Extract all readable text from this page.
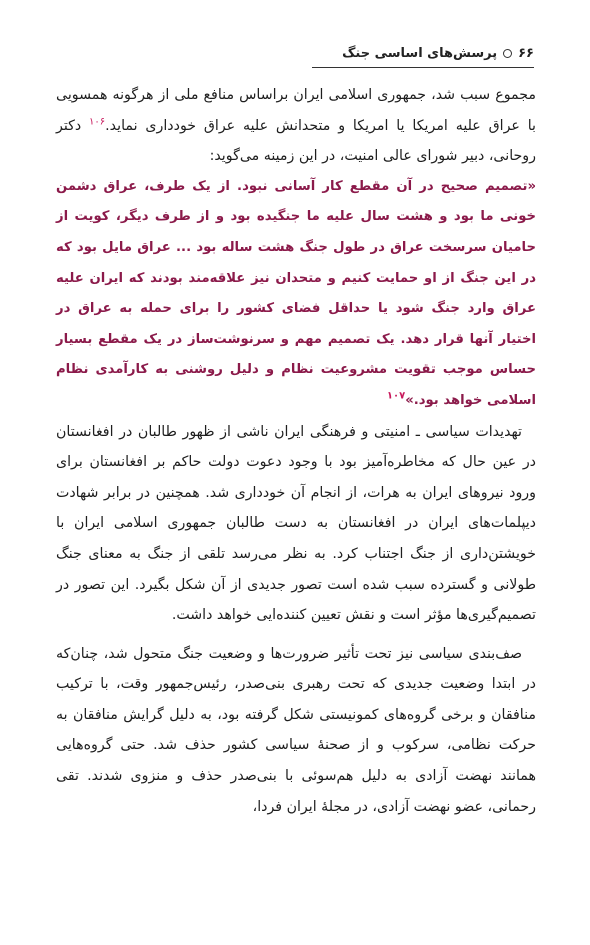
۶۶
پرسش‌های اساسی جنگ

مجموع سبب شد، جمهوری اسلامی ایران براساس منافع ملی از هرگونه همسویی با عراق علیه امریکا یا امریکا و متحدانش علیه عراق خودداری نماید.$^{۱۰۶}$ دکتر روحانی، دبیر شورای عالی امنیت، در این زمینه می‌گوید:

«تصمیم صحیح در آن مقطع کار آسانی نبود. از یک طرف، عراق دشمن خونی ما بود و هشت سال علیه ما جنگیده بود و از طرف دیگر، کویت از حامیان سرسخت عراق در طول جنگ هشت ساله بود ... عراق مایل بود که در این جنگ از او حمایت کنیم و متحدان نیز علاقه‌مند بودند که ایران علیه عراق وارد جنگ شود یا حداقل فضای کشور را برای حمله به عراق در اختیار آنها قرار دهد. یک تصمیم مهم و سرنوشت‌ساز در یک مقطع بسیار حساس موجب تقویت مشروعیت نظام و دلیل روشنی به کارآمدی نظام اسلامی خواهد بود.»$^{۱۰۷}$

تهدیدات سیاسی ـ امنیتی و فرهنگی ایران ناشی از ظهور طالبان در افغانستان در عین حال که مخاطره‌آمیز بود با وجود دعوت دولت حاکم بر افغانستان برای ورود نیروهای ایران به هرات، از انجام آن خودداری شد. همچنین در برابر شهادت دیپلمات‌های ایران در افغانستان به دست طالبان جمهوری اسلامی ایران با خویشتن‌داری از جنگ اجتناب کرد. به نظر می‌رسد تلقی از جنگ به معنای جنگ طولانی و گسترده سبب شده است تصور جدیدی از آن شکل بگیرد. این تصور در تصمیم‌گیری‌ها مؤثر است و نقش تعیین کننده‌ایی خواهد داشت.

صف‌بندی سیاسی نیز تحت تأثیر ضرورت‌ها و وضعیت جنگ متحول شد، چنان‌که در ابتدا وضعیت جدیدی که تحت رهبری بنی‌صدر، رئیس‌جمهور وقت، با ترکیب منافقان و برخی گروه‌های کمونیستی شکل گرفته بود، به دلیل گرایش منافقان به حرکت نظامی، سرکوب و از صحنهٔ سیاسی کشور حذف شد. حتی گروه‌هایی همانند نهضت آزادی به دلیل هم‌سوئی با بنی‌صدر حذف و منزوی شدند. تقی رحمانی، عضو نهضت آزادی، در مجلهٔ ایران فردا،
